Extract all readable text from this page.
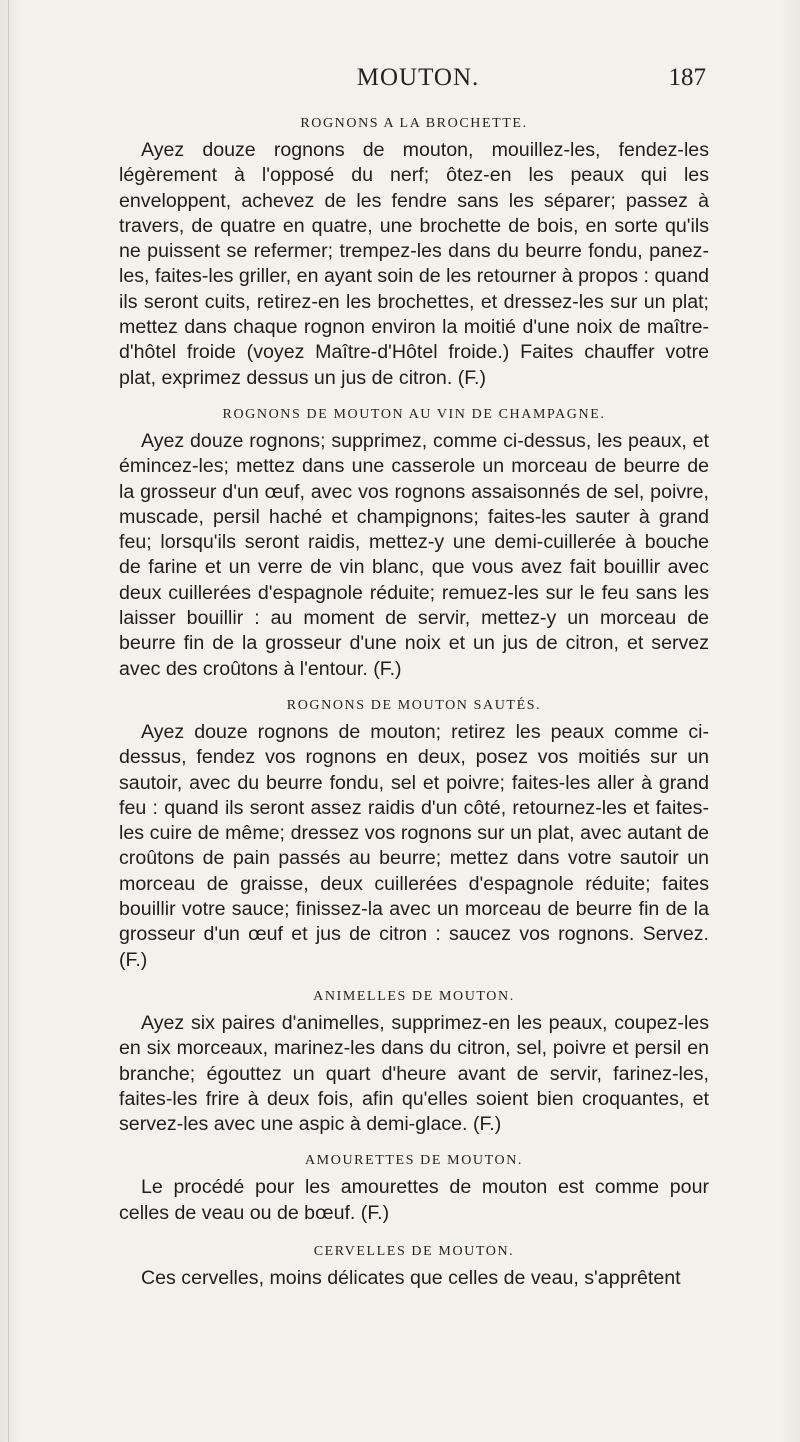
MOUTON.	187
ROGNONS A LA BROCHETTE.

Ayez douze rognons de mouton, mouillez-les, fendez-les légèrement à l'opposé du nerf; ôtez-en les peaux qui les enveloppent, achevez de les fendre sans les séparer; passez à travers, de quatre en quatre, une brochette de bois, en sorte qu'ils ne puissent se refermer; trempez-les dans du beurre fondu, panez-les, faites-les griller, en ayant soin de les retourner à propos : quand ils seront cuits, retirez-en les brochettes, et dressez-les sur un plat; mettez dans chaque rognon environ la moitié d'une noix de maître-d'hôtel froide (voyez Maître-d'Hôtel froide.) Faites chauffer votre plat, exprimez dessus un jus de citron. (F.)

ROGNONS DE MOUTON AU VIN DE CHAMPAGNE.

Ayez douze rognons; supprimez, comme ci-dessus, les peaux, et émincez-les; mettez dans une casserole un morceau de beurre de la grosseur d'un œuf, avec vos rognons assaisonnés de sel, poivre, muscade, persil haché et champignons; faites-les sauter à grand feu; lorsqu'ils seront raidis, mettez-y une demi-cuillerée à bouche de farine et un verre de vin blanc, que vous avez fait bouillir avec deux cuillerées d'espagnole réduite; remuez-les sur le feu sans les laisser bouillir : au moment de servir, mettez-y un morceau de beurre fin de la grosseur d'une noix et un jus de citron, et servez avec des croûtons à l'entour. (F.)

ROGNONS DE MOUTON SAUTÉS.

Ayez douze rognons de mouton; retirez les peaux comme ci-dessus, fendez vos rognons en deux, posez vos moitiés sur un sautoir, avec du beurre fondu, sel et poivre; faites-les aller à grand feu : quand ils seront assez raidis d'un côté, retournez-les et faites-les cuire de même; dressez vos rognons sur un plat, avec autant de croûtons de pain passés au beurre; mettez dans votre sautoir un morceau de graisse, deux cuillerées d'espagnole réduite; faites bouillir votre sauce; finissez-la avec un morceau de beurre fin de la grosseur d'un œuf et jus de citron : saucez vos rognons. Servez. (F.)

ANIMELLES DE MOUTON.

Ayez six paires d'animelles, supprimez-en les peaux, coupez-les en six morceaux, marinez-les dans du citron, sel, poivre et persil en branche; égouttez un quart d'heure avant de servir, farinez-les, faites-les frire à deux fois, afin qu'elles soient bien croquantes, et servez-les avec une aspic à demi-glace. (F.)

AMOURETTES DE MOUTON.

Le procédé pour les amourettes de mouton est comme pour celles de veau ou de bœuf. (F.)

CERVELLES DE MOUTON.

Ces cervelles, moins délicates que celles de veau, s'apprêtent
